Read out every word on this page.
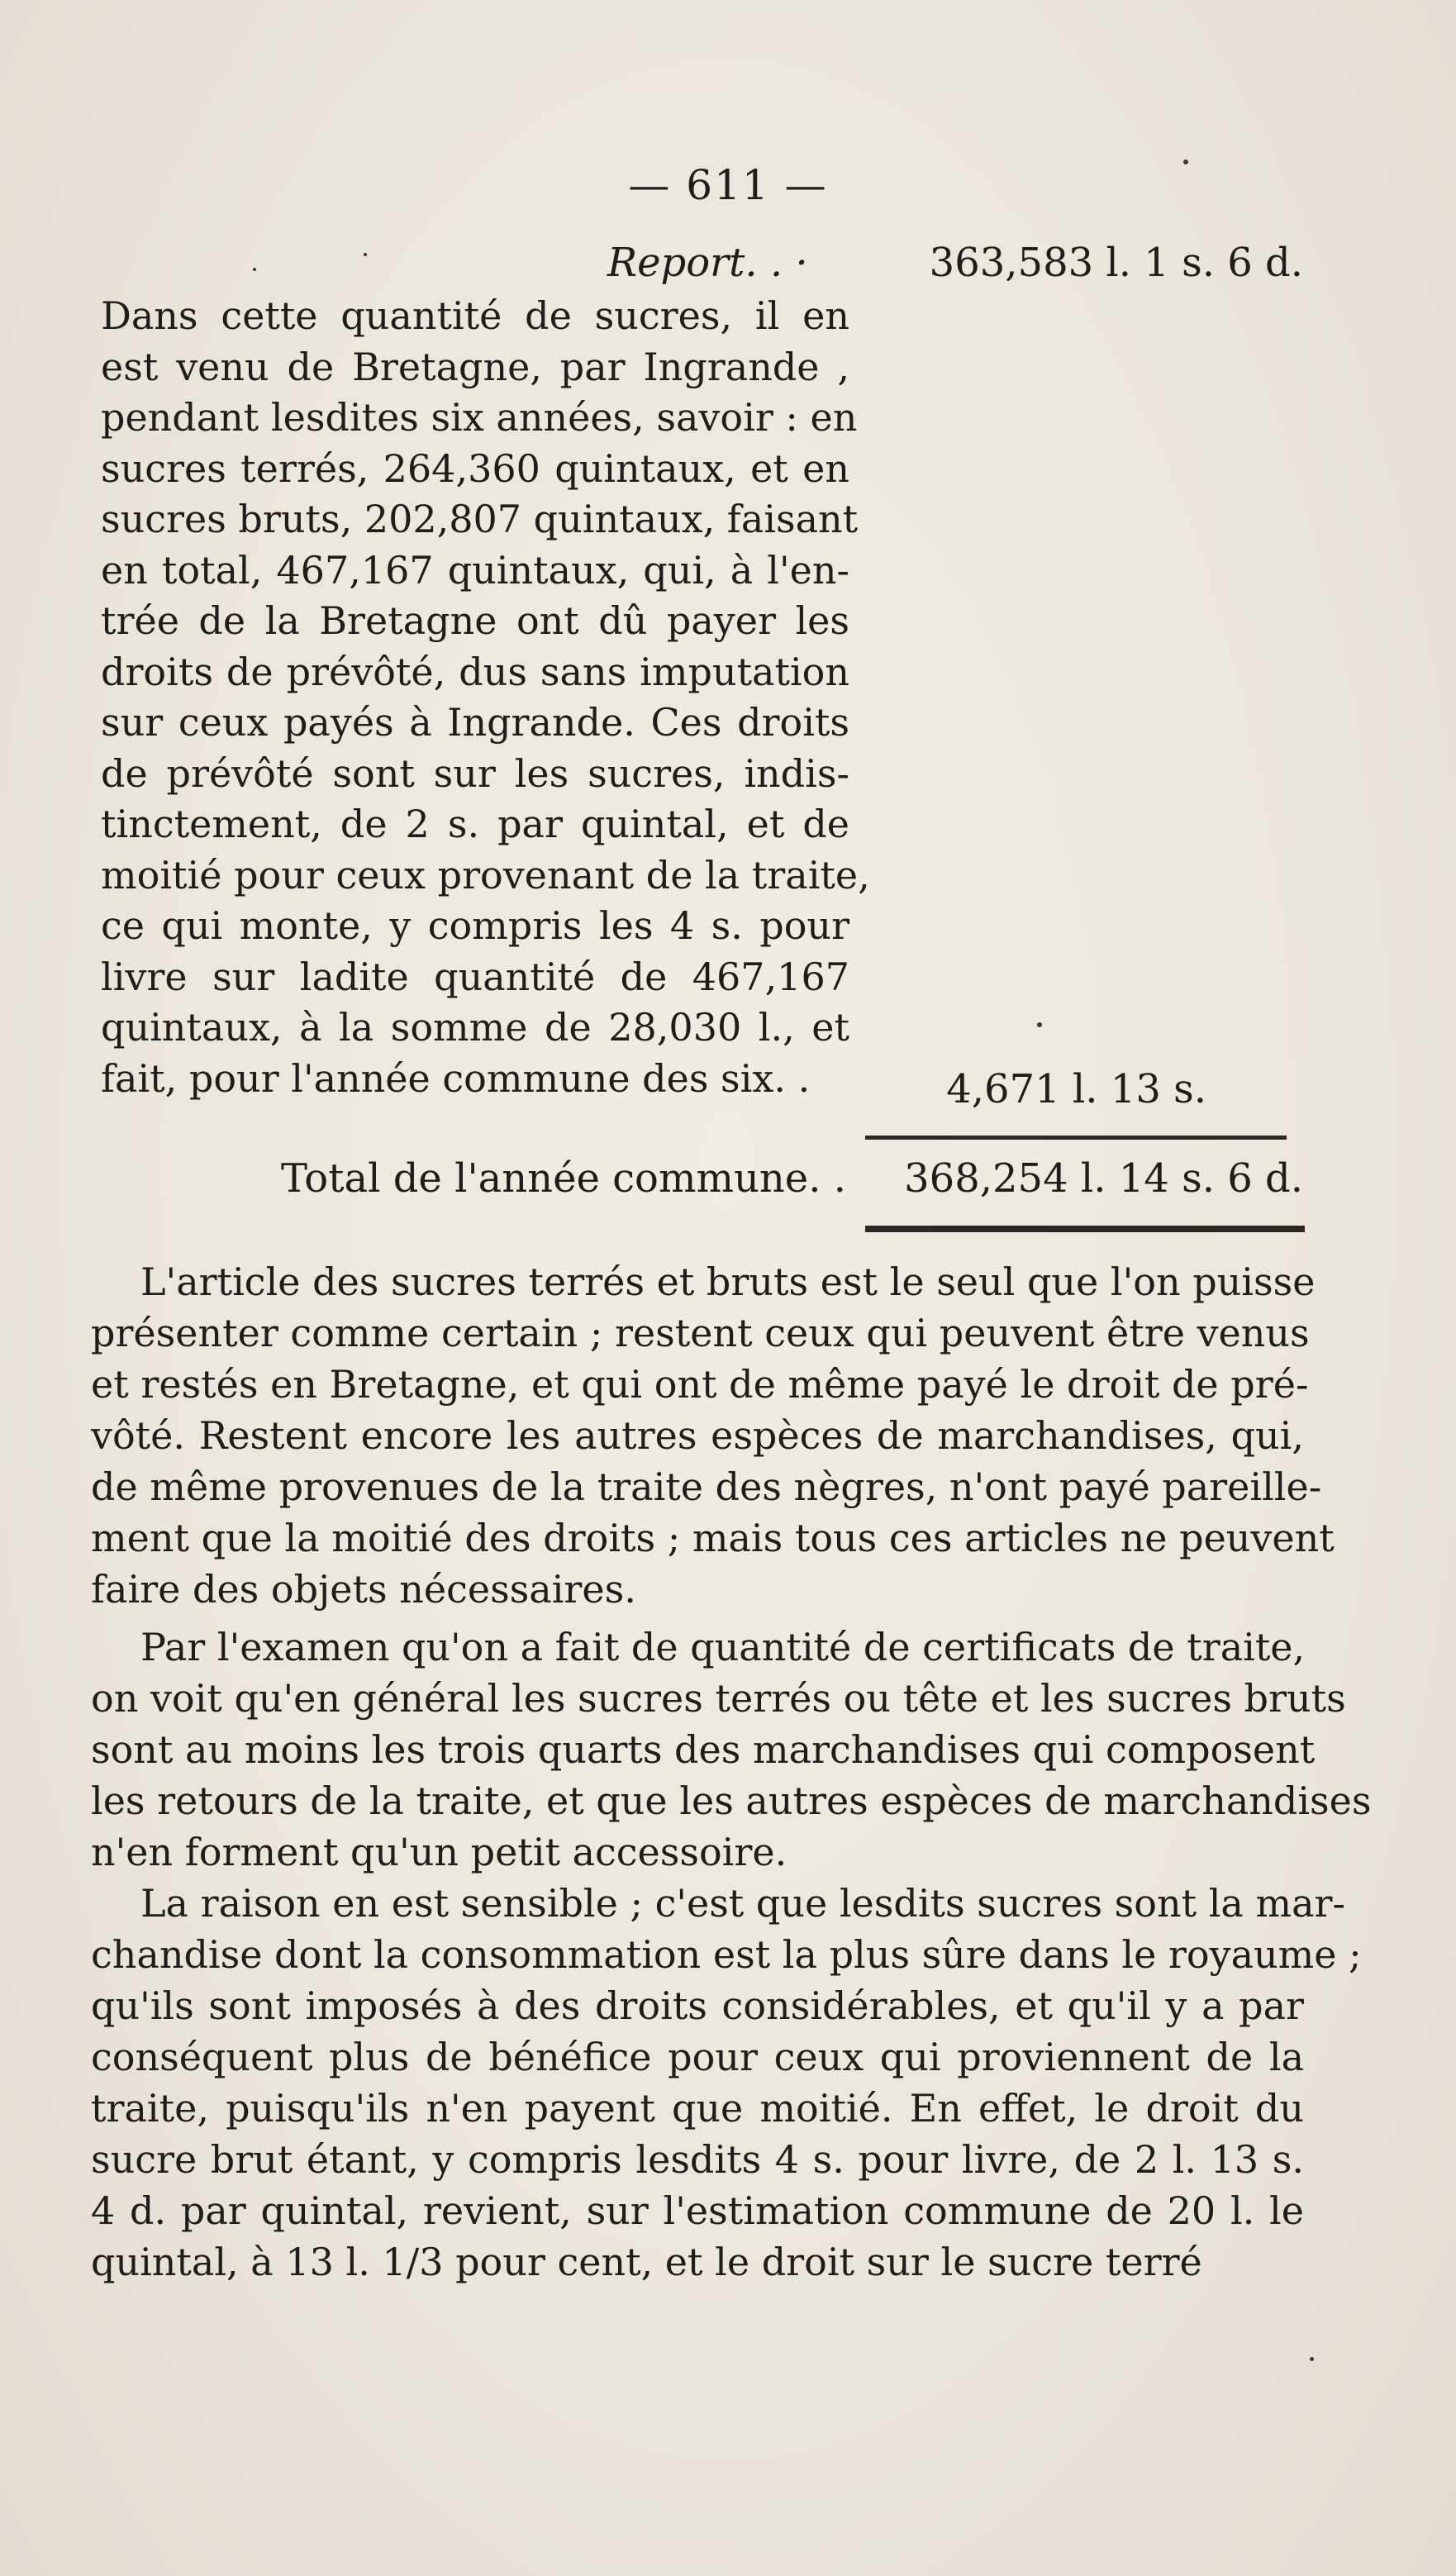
— 611 —
Report. . ·	363,583 l. 1 s. 6 d.
Dans cette quantité de sucres, il en
est venu de Bretagne, par Ingrande ,
pendant lesdites six années, savoir : en
sucres terrés, 264,360 quintaux, et en
sucres bruts, 202,807 quintaux, faisant
en total, 467,167 quintaux, qui, à l'en-
trée de la Bretagne ont dû payer les
droits de prévôté, dus sans imputation
sur ceux payés à Ingrande. Ces droits
de prévôté sont sur les sucres, indis-
tinctement, de 2 s. par quintal, et de
moitié pour ceux provenant de la traite,
ce qui monte, y compris les 4 s. pour
livre sur ladite quantité de 467,167
quintaux, à la somme de 28,030 l., et
fait, pour l'année commune des six. .	4,671 l. 13 s.
Total de l'année commune. . 368,254 l. 14 s. 6 d.
L'article des sucres terrés et bruts est le seul que l'on puisse
présenter comme certain ; restent ceux qui peuvent être venus
et restés en Bretagne, et qui ont de même payé le droit de pré-
vôté. Restent encore les autres espèces de marchandises, qui,
de même provenues de la traite des nègres, n'ont payé pareille-
ment que la moitié des droits ; mais tous ces articles ne peuvent
faire des objets nécessaires.
Par l'examen qu'on a fait de quantité de certificats de traite,
on voit qu'en général les sucres terrés ou tête et les sucres bruts
sont au moins les trois quarts des marchandises qui composent
les retours de la traite, et que les autres espèces de marchandises
n'en forment qu'un petit accessoire.
La raison en est sensible ; c'est que lesdits sucres sont la mar-
chandise dont la consommation est la plus sûre dans le royaume ;
qu'ils sont imposés à des droits considérables, et qu'il y a par
conséquent plus de bénéfice pour ceux qui proviennent de la
traite, puisqu'ils n'en payent que moitié. En effet, le droit du
sucre brut étant, y compris lesdits 4 s. pour livre, de 2 l. 13 s.
4 d. par quintal, revient, sur l'estimation commune de 20 l. le
quintal, à 13 l. 1/3 pour cent, et le droit sur le sucre terré
